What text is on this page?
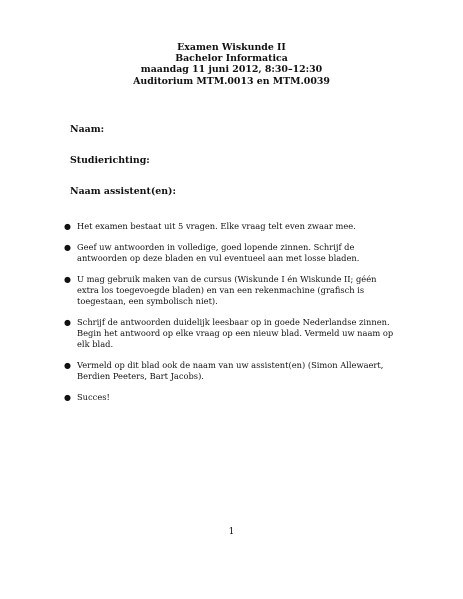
Examen Wiskunde II
Bachelor Informatica
maandag 11 juni 2012, 8:30–12:30
Auditorium MTM.0013 en MTM.0039
Naam:
Studierichting:
Naam assistent(en):
● Het examen bestaat uit 5 vragen. Elke vraag telt even zwaar mee.
● Geef uw antwoorden in volledige, goed lopende zinnen. Schrijf de antwoorden op deze bladen en vul eventueel aan met losse bladen.
● U mag gebruik maken van de cursus (Wiskunde I én Wiskunde II; géén extra los toegevoegde bladen) en van een rekenmachine (grafisch is toegestaan, een symbolisch niet).
● Schrijf de antwoorden duidelijk leesbaar op in goede Nederlandse zinnen. Begin het antwoord op elke vraag op een nieuw blad. Vermeld uw naam op elk blad.
● Vermeld op dit blad ook de naam van uw assistent(en) (Simon Allewaert, Berdien Peeters, Bart Jacobs).
● Succes!
1
